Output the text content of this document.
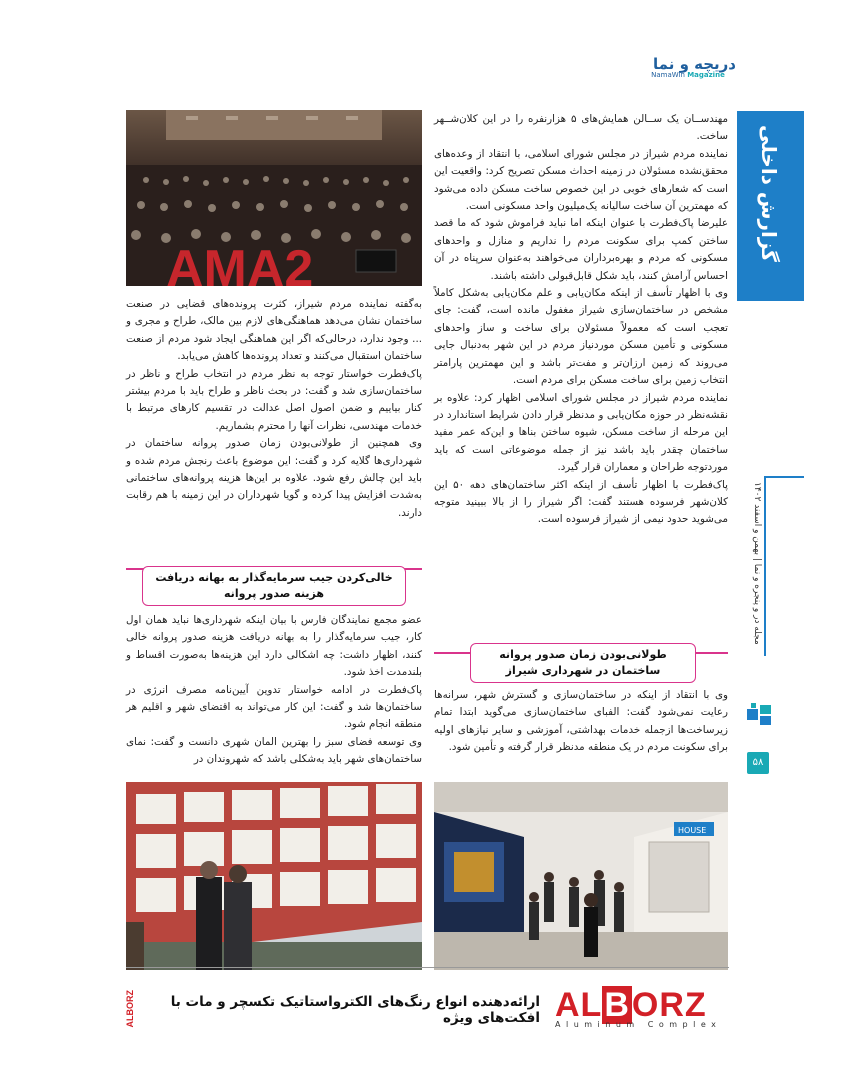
دریچه و نما
NamaWin Magazine
گزارش داخلی
مجله در و پنجره و نما | بهمن و اسفند ۱۴۰۲
۵۸

مهندســان یک ســالن همایش‌های ۵ هزارنفره را در این کلان‌شــهر ساخت.

نماینده مردم شیراز در مجلس شورای اسلامی، با انتقاد از وعده‌های محقق‌نشده مسئولان در زمینه احداث مسکن تصریح کرد: واقعیت این است که شعارهای خوبی در این خصوص ساخت مسکن داده می‌شود که مهمترین آن ساخت سالیانه یک‌میلیون واحد مسکونی است.

علیرضا پاک‌فطرت با عنوان اینکه اما نباید فراموش شود که ما قصد ساختن کمپ برای سکونت مردم را نداریم و منازل و واحدهای مسکونی که مردم و بهره‌برداران می‌خواهند به‌عنوان سرپناه در آن احساس آرامش کنند، باید شکل قابل‌قبولی داشته باشند.

وی با اظهار تأسف از اینکه مکان‌یابی و علم مکان‌یابی به‌شکل کاملاً مشخص در ساختمان‌سازی شیراز مغفول مانده است، گفت: جای تعجب است که معمولاً مسئولان برای ساخت و ساز واحدهای مسکونی و تأمین مسکن موردنیاز مردم در این شهر به‌دنبال جایی می‌روند که زمین ارزان‌تر و مفت‌تر باشد و این مهمترین پارامتر انتخاب زمین برای ساخت مسکن برای مردم است.

نماینده مردم شیراز در مجلس شورای اسلامی اظهار کرد: علاوه بر نقشه‌نظر در حوزه مکان‌یابی و مدنظر قرار دادن شرایط استاندارد در این مرحله از ساخت مسکن، شیوه ساختن بناها و این‌که عمر مفید ساختمان چقدر باید باشد نیز از جمله موضوعاتی است که باید موردتوجه طراحان و معماران قرار گیرد.

پاک‌فطرت با اظهار تأسف از اینکه اکثر ساختمان‌های دهه ۵۰ این کلان‌شهر فرسوده هستند گفت: اگر شیراز را از بالا ببینید متوجه می‌شوید حدود نیمی از شیراز فرسوده است.

طولانی‌بودن زمان صدور پروانه ساختمان در شهرداری شیراز

وی با انتقاد از اینکه در ساختمان‌سازی و گسترش شهر، سرانه‌ها رعایت نمی‌شود گفت: الفبای ساختمان‌سازی می‌گوید ابتدا تمام زیرساخت‌ها ازجمله خدمات بهداشتی، آموزشی و سایر نیازهای اولیه برای سکونت مردم در یک منطقه مدنظر قرار گرفته و تأمین شود.

به‌گفته نماینده مردم شیراز، کثرت پرونده‌های قضایی در صنعت ساختمان نشان می‌دهد هماهنگی‌های لازم بین مالک، طراح و مجری و ... وجود ندارد، درحالی‌که اگر این هماهنگی ایجاد شود مردم از صنعت ساختمان استقبال می‌کنند و تعداد پرونده‌ها کاهش می‌یابد.

پاک‌فطرت خواستار توجه به نظر مردم در انتخاب طراح و ناظر در ساختمان‌سازی شد و گفت: در بحث ناظر و طراح باید با مردم بیشتر کنار بیاییم و ضمن اصول اصل عدالت در تقسیم کارهای مرتبط با خدمات مهندسی، نظرات آنها را محترم بشماریم.

وی همچنین از طولانی‌بودن زمان صدور پروانه ساختمان در شهرداری‌ها گلایه کرد و گفت: این موضوع باعث رنجش مردم شده و باید این چالش رفع شود. علاوه بر این‌ها هزینه پروانه‌های ساختمانی به‌شدت افزایش پیدا کرده و گویا شهرداران در این زمینه با هم رقابت دارند.

خالی‌کردن جیب سرمایه‌گذار به بهانه دریافت هزینه صدور پروانه

عضو مجمع نمایندگان فارس با بیان اینکه شهرداری‌ها نباید همان اول کار، جیب سرمایه‌گذار را به بهانه دریافت هزینه صدور پروانه خالی کنند، اظهار داشت: چه اشکالی دارد این هزینه‌ها به‌صورت اقساط و بلندمدت اخذ شود.

پاک‌فطرت در ادامه خواستار تدوین آیین‌نامه مصرف انرژی در ساختمان‌ها شد و گفت: این کار می‌تواند به اقتضای شهر و اقلیم هر منطقه انجام شود.

وی توسعه فضای سبز را بهترین المان شهری دانست و گفت: نمای ساختمان‌های شهر باید به‌شکلی باشد که شهروندان در

AMA2
HOUSE
ارائه‌دهنده انواع رنگ‌های الکترواستاتیک تکسچر و مات با افکت‌های ویژه ALBORZ
Aluminum Complex
ALBORZ
